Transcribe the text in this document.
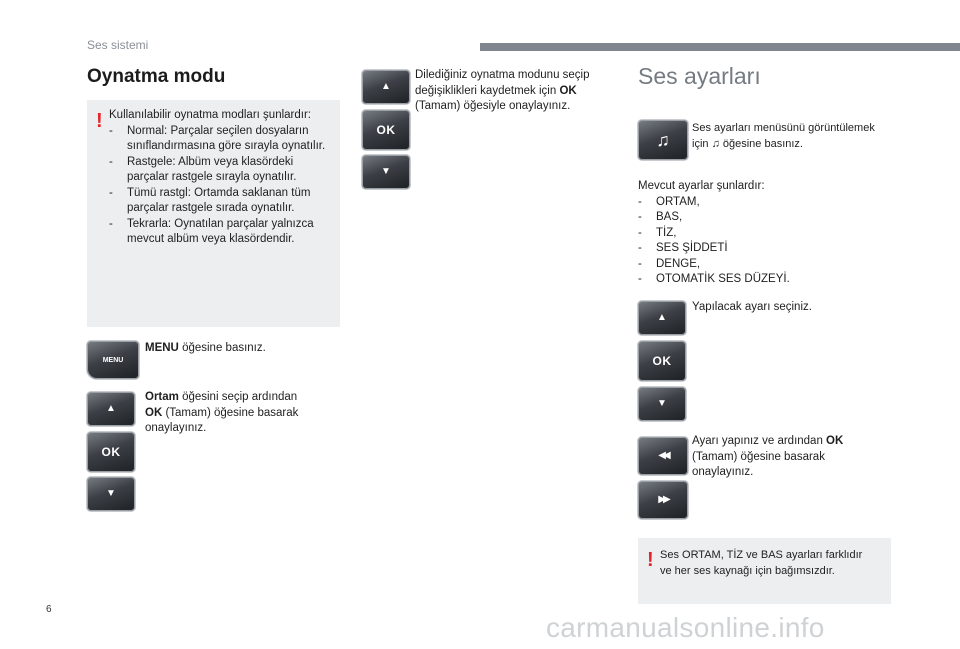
Ses sistemi
Oynatma modu
! Kullanılabilir oynatma modları şunlardır:
- Normal: Parçalar seçilen dosyaların
sınıflandırmasına göre sırayla oynatılır.
- Rastgele: Albüm veya klasördeki
parçalar rastgele sırayla oynatılır.
- Tümü rastgl: Ortamda saklanan tüm
parçalar rastgele sırada oynatılır.
- Tekrarla: Oynatılan parçalar yalnızca
mevcut albüm veya klasördendir.
MENU
MENU öğesine basınız.
▲
OK
▼
Ortam öğesini seçip ardından
OK (Tamam) öğesine basarak
onaylayınız.
▲
OK
▼
Dilediğiniz oynatma modunu seçip
değişiklikleri kaydetmek için OK
(Tamam) öğesiyle onaylayınız.
Ses ayarları
♫
Ses ayarları menüsünü görüntülemek
için ♫ öğesine basınız.
Mevcut ayarlar şunlardır:
- ORTAM,
- BAS,
- TİZ,
- SES ŞİDDETİ
- DENGE,
- OTOMATİK SES DÜZEYİ.
▲
OK
▼
Yapılacak ayarı seçiniz.
◀◀
▶▶
Ayarı yapınız ve ardından OK
(Tamam) öğesine basarak
onaylayınız.
! Ses ORTAM, TİZ ve BAS ayarları farklıdır
ve her ses kaynağı için bağımsızdır.
6
carmanualsonline.info
